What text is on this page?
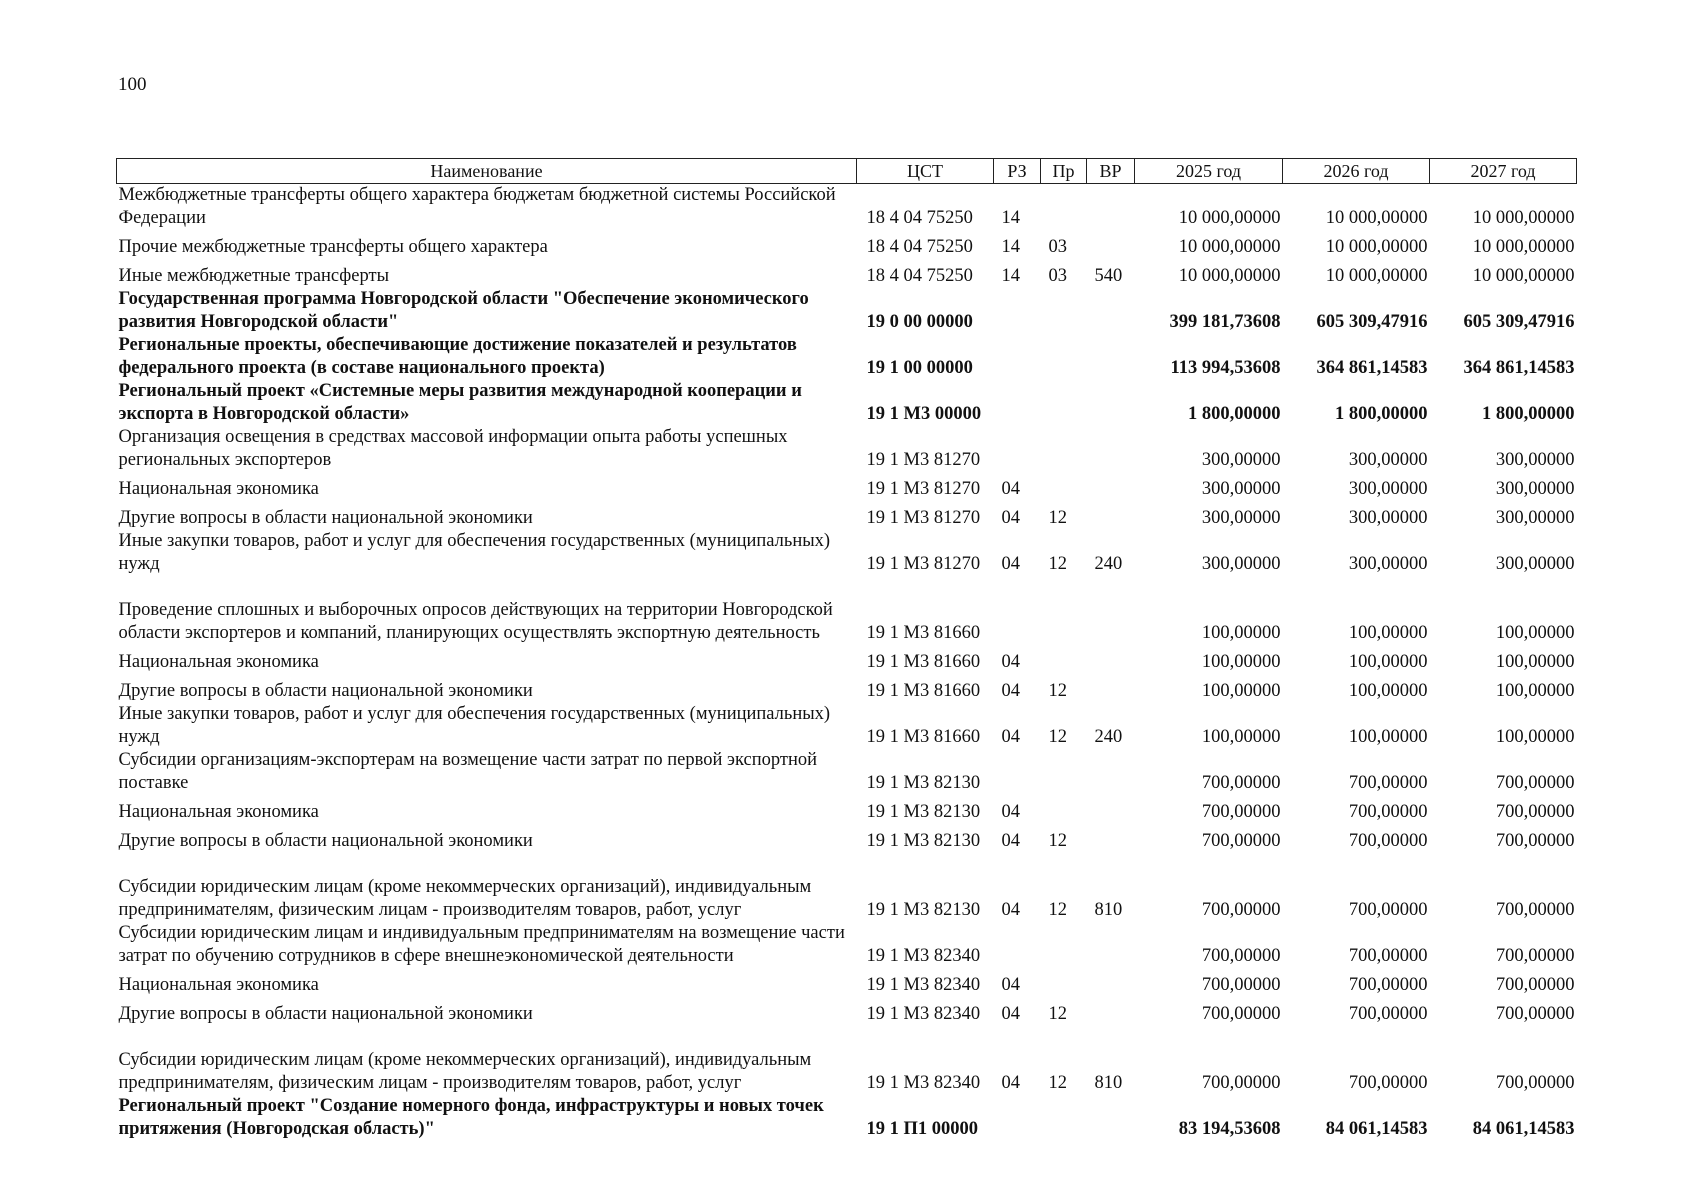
100
Наименование	ЦСТ	РЗ	Пр	ВР	2025 год	2026 год	2027 год
Межбюджетные трансферты общего характера бюджетам бюджетной системы Российской Федерации	18 4 04 75250	14			10 000,00000	10 000,00000	10 000,00000
Прочие межбюджетные трансферты общего характера	18 4 04 75250	14	03		10 000,00000	10 000,00000	10 000,00000
Иные межбюджетные трансферты	18 4 04 75250	14	03	540	10 000,00000	10 000,00000	10 000,00000
Государственная программа Новгородской области "Обеспечение экономического развития Новгородской области"	19 0 00 00000				399 181,73608	605 309,47916	605 309,47916
Региональные проекты, обеспечивающие достижение показателей и результатов федерального проекта (в составе национального проекта)	19 1 00 00000				113 994,53608	364 861,14583	364 861,14583
Региональный проект «Системные меры развития международной кооперации и экспорта в Новгородской области»	19 1 М3 00000				1 800,00000	1 800,00000	1 800,00000
Организация освещения в средствах массовой информации опыта работы успешных региональных экспортеров	19 1 М3 81270				300,00000	300,00000	300,00000
Национальная экономика	19 1 М3 81270	04			300,00000	300,00000	300,00000
Другие вопросы в области национальной экономики	19 1 М3 81270	04	12		300,00000	300,00000	300,00000
Иные закупки товаров, работ и услуг для обеспечения государственных (муниципальных) нужд	19 1 М3 81270	04	12	240	300,00000	300,00000	300,00000
Проведение сплошных и выборочных опросов действующих на территории Новгородской области экспортеров и компаний, планирующих осуществлять экспортную деятельность	19 1 М3 81660				100,00000	100,00000	100,00000
Национальная экономика	19 1 М3 81660	04			100,00000	100,00000	100,00000
Другие вопросы в области национальной экономики	19 1 М3 81660	04	12		100,00000	100,00000	100,00000
Иные закупки товаров, работ и услуг для обеспечения государственных (муниципальных) нужд	19 1 М3 81660	04	12	240	100,00000	100,00000	100,00000
Субсидии организациям-экспортерам на возмещение части затрат по первой экспортной поставке	19 1 М3 82130				700,00000	700,00000	700,00000
Национальная экономика	19 1 М3 82130	04			700,00000	700,00000	700,00000
Другие вопросы в области национальной экономики	19 1 М3 82130	04	12		700,00000	700,00000	700,00000
Субсидии юридическим лицам (кроме некоммерческих организаций), индивидуальным предпринимателям, физическим лицам - производителям товаров, работ, услуг	19 1 М3 82130	04	12	810	700,00000	700,00000	700,00000
Субсидии юридическим лицам и индивидуальным предпринимателям на возмещение части затрат по обучению сотрудников в сфере внешнеэкономической деятельности	19 1 М3 82340				700,00000	700,00000	700,00000
Национальная экономика	19 1 М3 82340	04			700,00000	700,00000	700,00000
Другие вопросы в области национальной экономики	19 1 М3 82340	04	12		700,00000	700,00000	700,00000
Субсидии юридическим лицам (кроме некоммерческих организаций), индивидуальным предпринимателям, физическим лицам - производителям товаров, работ, услуг	19 1 М3 82340	04	12	810	700,00000	700,00000	700,00000
Региональный проект "Создание номерного фонда, инфраструктуры и новых точек притяжения (Новгородская область)"	19 1 П1 00000				83 194,53608	84 061,14583	84 061,14583
